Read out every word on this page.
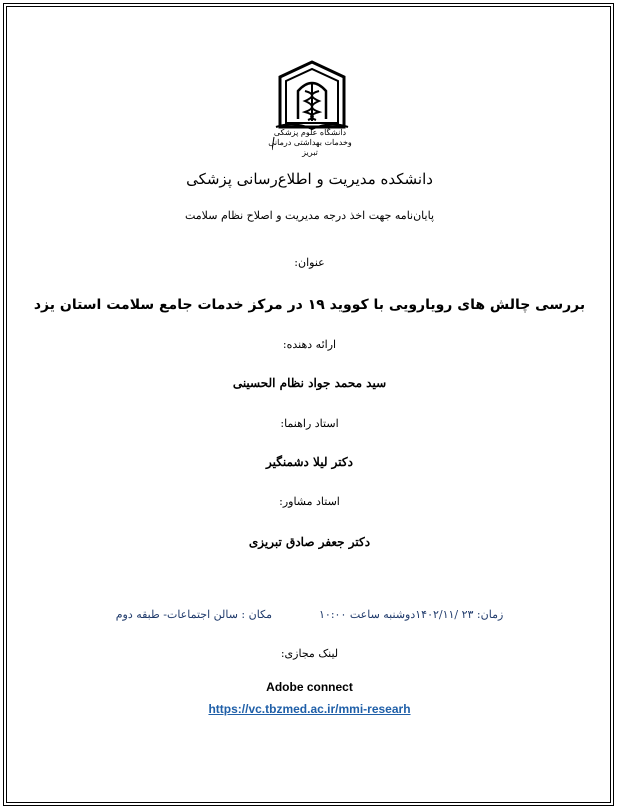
دانشگاه علوم پزشکی
وخدمات بهداشتی درمانی تبریز
دانشکده مدیریت و اطلاع‌رسانی پزشکی
پایان‌نامه جهت اخذ درجه مدیریت و اصلاح نظام سلامت
عنوان:
بررسی چالش های رویارویی با کووید ۱۹ در مرکز خدمات جامع سلامت استان یزد
ارائه دهنده:
سید محمد جواد نظام الحسینی
استاد راهنما:
دکتر لیلا دشمنگیر
استاد مشاور:
دکتر جعفر صادق تبریزی
زمان: ۲۳ /۱۴۰۲/۱۱دوشنبه ساعت ۱۰:۰۰  مکان : سالن اجتماعات- طبقه دوم
لینک مجازی:
Adobe connect
https://vc.tbzmed.ac.ir/mmi-researh
